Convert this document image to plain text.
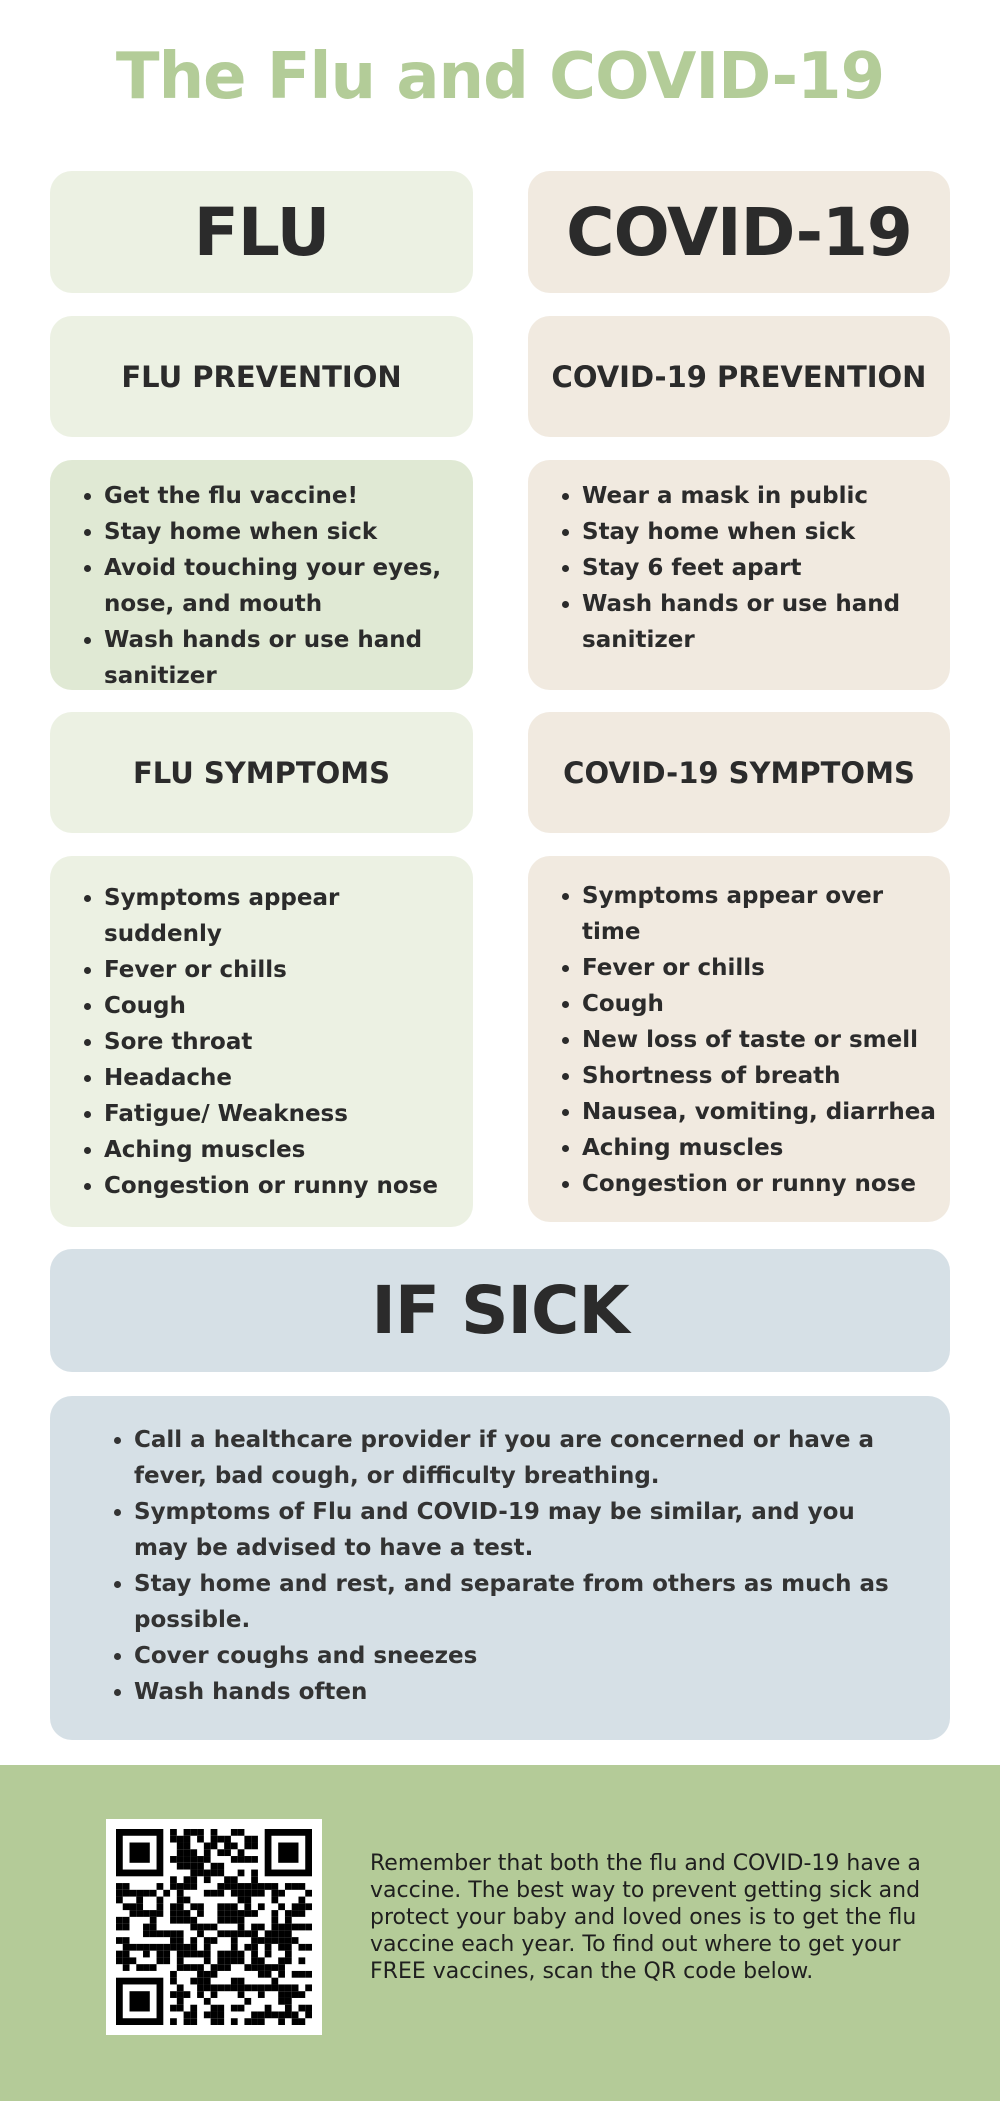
The Flu and COVID-19
FLU	COVID-19
FLU PREVENTION	COVID-19 PREVENTION
• Get the flu vaccine!
• Stay home when sick
• Avoid touching your eyes, nose, and mouth
• Wash hands or use hand sanitizer
• Wear a mask in public
• Stay home when sick
• Stay 6 feet apart
• Wash hands or use hand sanitizer
FLU SYMPTOMS	COVID-19 SYMPTOMS
• Symptoms appear suddenly
• Fever or chills
• Cough
• Sore throat
• Headache
• Fatigue/ Weakness
• Aching muscles
• Congestion or runny nose
• Symptoms appear over time
• Fever or chills
• Cough
• New loss of taste or smell
• Shortness of breath
• Nausea, vomiting, diarrhea
• Aching muscles
• Congestion or runny nose
IF SICK
• Call a healthcare provider if you are concerned or have a fever, bad cough, or difficulty breathing.
• Symptoms of Flu and COVID-19 may be similar, and you may be advised to have a test.
• Stay home and rest, and separate from others as much as possible.
• Cover coughs and sneezes
• Wash hands often
Remember that both the flu and COVID-19 have a vaccine. The best way to prevent getting sick and protect your baby and loved ones is to get the flu vaccine each year. To find out where to get your FREE vaccines, scan the QR code below.
